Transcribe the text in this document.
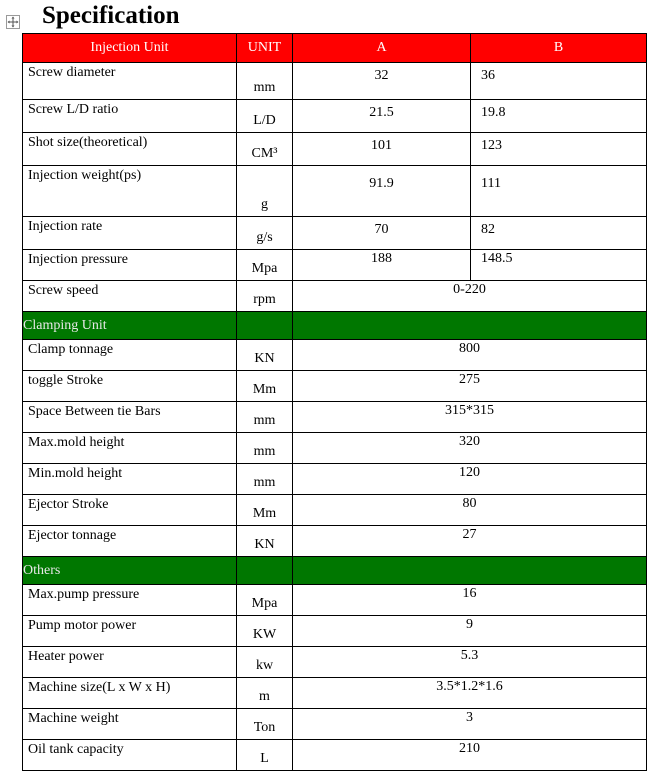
Specification
Injection Unit	UNIT	A	B
Screw diameter	mm	32	36
Screw L/D ratio	L/D	21.5	19.8
Shot size(theoretical)	CM³	101	123
Injection weight(ps)	g	91.9	111
Injection rate	g/s	70	82
Injection pressure	Mpa	188	148.5
Screw speed	rpm	0-220	
Clamping Unit			
Clamp tonnage	KN	800	
toggle Stroke	Mm	275	
Space Between tie Bars	mm	315*315	
Max.mold height	mm	320	
Min.mold height	mm	120	
Ejector Stroke	Mm	80	
Ejector tonnage	KN	27	
Others			
Max.pump pressure	Mpa	16	
Pump motor power	KW	9	
Heater power	kw	5.3	
Machine size(L x W x H)	m	3.5*1.2*1.6	
Machine weight	Ton	3	
Oil tank capacity	L	210	
